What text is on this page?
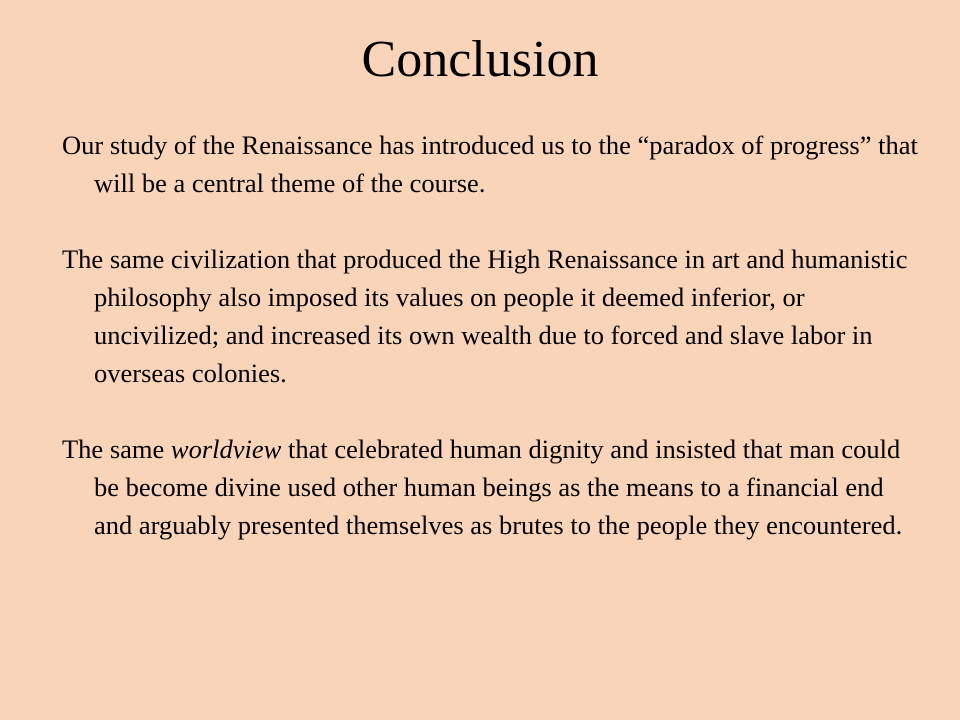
Conclusion

Our study of the Renaissance has introduced us to the “paradox of progress” that will be a central theme of the course.

The same civilization that produced the High Renaissance in art and humanistic philosophy also imposed its values on people it deemed inferior, or uncivilized; and increased its own wealth due to forced and slave labor in overseas colonies.

The same worldview that celebrated human dignity and insisted that man could be become divine used other human beings as the means to a financial end and arguably presented themselves as brutes to the people they encountered.
